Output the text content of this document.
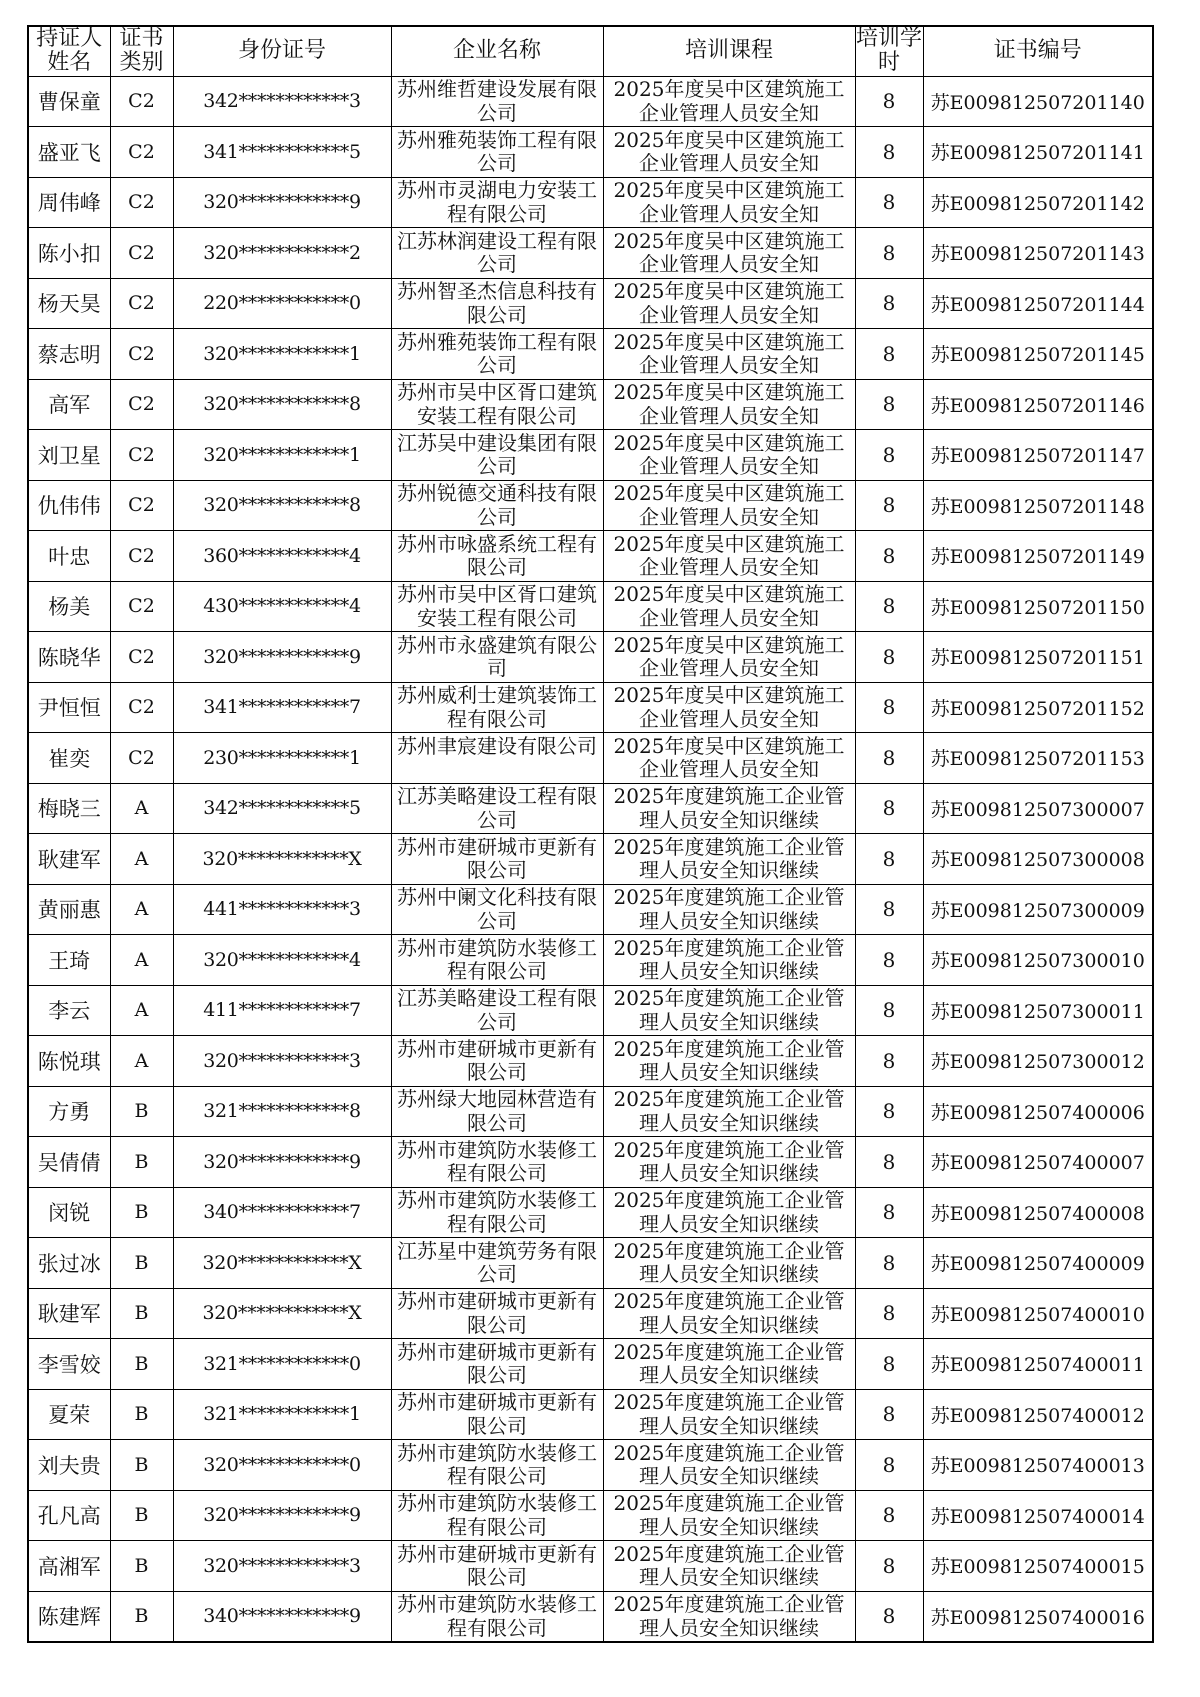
持证人姓名	证书类别	身份证号	企业名称	培训课程	培训学时	证书编号
曹保童	C2	342************3	苏州维哲建设发展有限公司	2025年度吴中区建筑施工企业管理人员安全知	8	苏E009812507201140
盛亚飞	C2	341************5	苏州雅苑装饰工程有限公司	2025年度吴中区建筑施工企业管理人员安全知	8	苏E009812507201141
周伟峰	C2	320************9	苏州市灵湖电力安装工程有限公司	2025年度吴中区建筑施工企业管理人员安全知	8	苏E009812507201142
陈小扣	C2	320************2	江苏林润建设工程有限公司	2025年度吴中区建筑施工企业管理人员安全知	8	苏E009812507201143
杨天昊	C2	220************0	苏州智圣杰信息科技有限公司	2025年度吴中区建筑施工企业管理人员安全知	8	苏E009812507201144
蔡志明	C2	320************1	苏州雅苑装饰工程有限公司	2025年度吴中区建筑施工企业管理人员安全知	8	苏E009812507201145
高军	C2	320************8	苏州市吴中区胥口建筑安装工程有限公司	2025年度吴中区建筑施工企业管理人员安全知	8	苏E009812507201146
刘卫星	C2	320************1	江苏吴中建设集团有限公司	2025年度吴中区建筑施工企业管理人员安全知	8	苏E009812507201147
仇伟伟	C2	320************8	苏州锐德交通科技有限公司	2025年度吴中区建筑施工企业管理人员安全知	8	苏E009812507201148
叶忠	C2	360************4	苏州市咏盛系统工程有限公司	2025年度吴中区建筑施工企业管理人员安全知	8	苏E009812507201149
杨美	C2	430************4	苏州市吴中区胥口建筑安装工程有限公司	2025年度吴中区建筑施工企业管理人员安全知	8	苏E009812507201150
陈晓华	C2	320************9	苏州市永盛建筑有限公司	2025年度吴中区建筑施工企业管理人员安全知	8	苏E009812507201151
尹恒恒	C2	341************7	苏州威利士建筑装饰工程有限公司	2025年度吴中区建筑施工企业管理人员安全知	8	苏E009812507201152
崔奕	C2	230************1	苏州聿宸建设有限公司	2025年度吴中区建筑施工企业管理人员安全知	8	苏E009812507201153
梅晓三	A	342************5	江苏美略建设工程有限公司	2025年度建筑施工企业管理人员安全知识继续	8	苏E009812507300007
耿建军	A	320************X	苏州市建研城市更新有限公司	2025年度建筑施工企业管理人员安全知识继续	8	苏E009812507300008
黄丽惠	A	441************3	苏州中阑文化科技有限公司	2025年度建筑施工企业管理人员安全知识继续	8	苏E009812507300009
王琦	A	320************4	苏州市建筑防水装修工程有限公司	2025年度建筑施工企业管理人员安全知识继续	8	苏E009812507300010
李云	A	411************7	江苏美略建设工程有限公司	2025年度建筑施工企业管理人员安全知识继续	8	苏E009812507300011
陈悦琪	A	320************3	苏州市建研城市更新有限公司	2025年度建筑施工企业管理人员安全知识继续	8	苏E009812507300012
方勇	B	321************8	苏州绿大地园林营造有限公司	2025年度建筑施工企业管理人员安全知识继续	8	苏E009812507400006
吴倩倩	B	320************9	苏州市建筑防水装修工程有限公司	2025年度建筑施工企业管理人员安全知识继续	8	苏E009812507400007
闵锐	B	340************7	苏州市建筑防水装修工程有限公司	2025年度建筑施工企业管理人员安全知识继续	8	苏E009812507400008
张过冰	B	320************X	江苏星中建筑劳务有限公司	2025年度建筑施工企业管理人员安全知识继续	8	苏E009812507400009
耿建军	B	320************X	苏州市建研城市更新有限公司	2025年度建筑施工企业管理人员安全知识继续	8	苏E009812507400010
李雪姣	B	321************0	苏州市建研城市更新有限公司	2025年度建筑施工企业管理人员安全知识继续	8	苏E009812507400011
夏荣	B	321************1	苏州市建研城市更新有限公司	2025年度建筑施工企业管理人员安全知识继续	8	苏E009812507400012
刘夫贵	B	320************0	苏州市建筑防水装修工程有限公司	2025年度建筑施工企业管理人员安全知识继续	8	苏E009812507400013
孔凡高	B	320************9	苏州市建筑防水装修工程有限公司	2025年度建筑施工企业管理人员安全知识继续	8	苏E009812507400014
高湘军	B	320************3	苏州市建研城市更新有限公司	2025年度建筑施工企业管理人员安全知识继续	8	苏E009812507400015
陈建辉	B	340************9	苏州市建筑防水装修工程有限公司	2025年度建筑施工企业管理人员安全知识继续	8	苏E009812507400016
